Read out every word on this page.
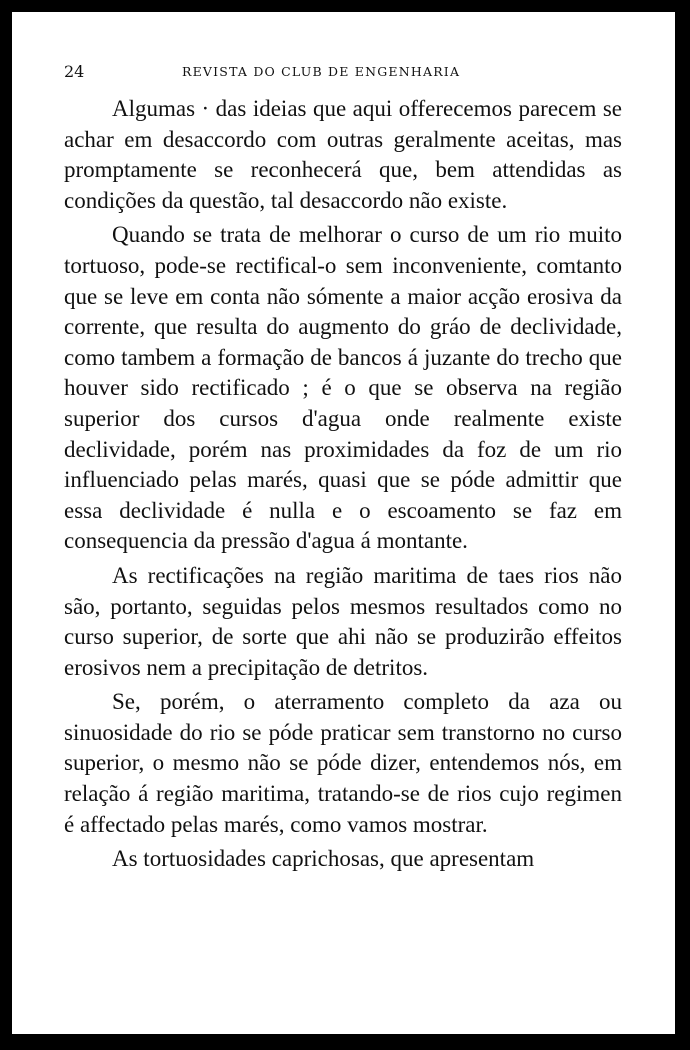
24	REVISTA DO CLUB DE ENGENHARIA

Algumas · das ideias que aqui offerecemos parecem se achar em desaccordo com outras geralmente aceitas, mas promptamente se reconhecerá que, bem attendidas as condições da questão, tal desaccordo não existe.

Quando se trata de melhorar o curso de um rio muito tortuoso, pode-se rectifical-o sem inconveniente, comtanto que se leve em conta não sómente a maior acção erosiva da corrente, que resulta do augmento do gráo de declividade, como tambem a formação de bancos á juzante do trecho que houver sido rectificado ; é o que se observa na região superior dos cursos d'agua onde realmente existe declividade, porém nas proximidades da foz de um rio influenciado pelas marés, quasi que se póde admittir que essa declividade é nulla e o escoamento se faz em consequencia da pressão d'agua á montante.

As rectificações na região maritima de taes rios não são, portanto, seguidas pelos mesmos resultados como no curso superior, de sorte que ahi não se produzirão effeitos erosivos nem a precipitação de detritos.

Se, porém, o aterramento completo da aza ou sinuosidade do rio se póde praticar sem transtorno no curso superior, o mesmo não se póde dizer, entendemos nós, em relação á região maritima, tratando-se de rios cujo regimen é affectado pelas marés, como vamos mostrar.

As tortuosidades caprichosas, que apresentam
